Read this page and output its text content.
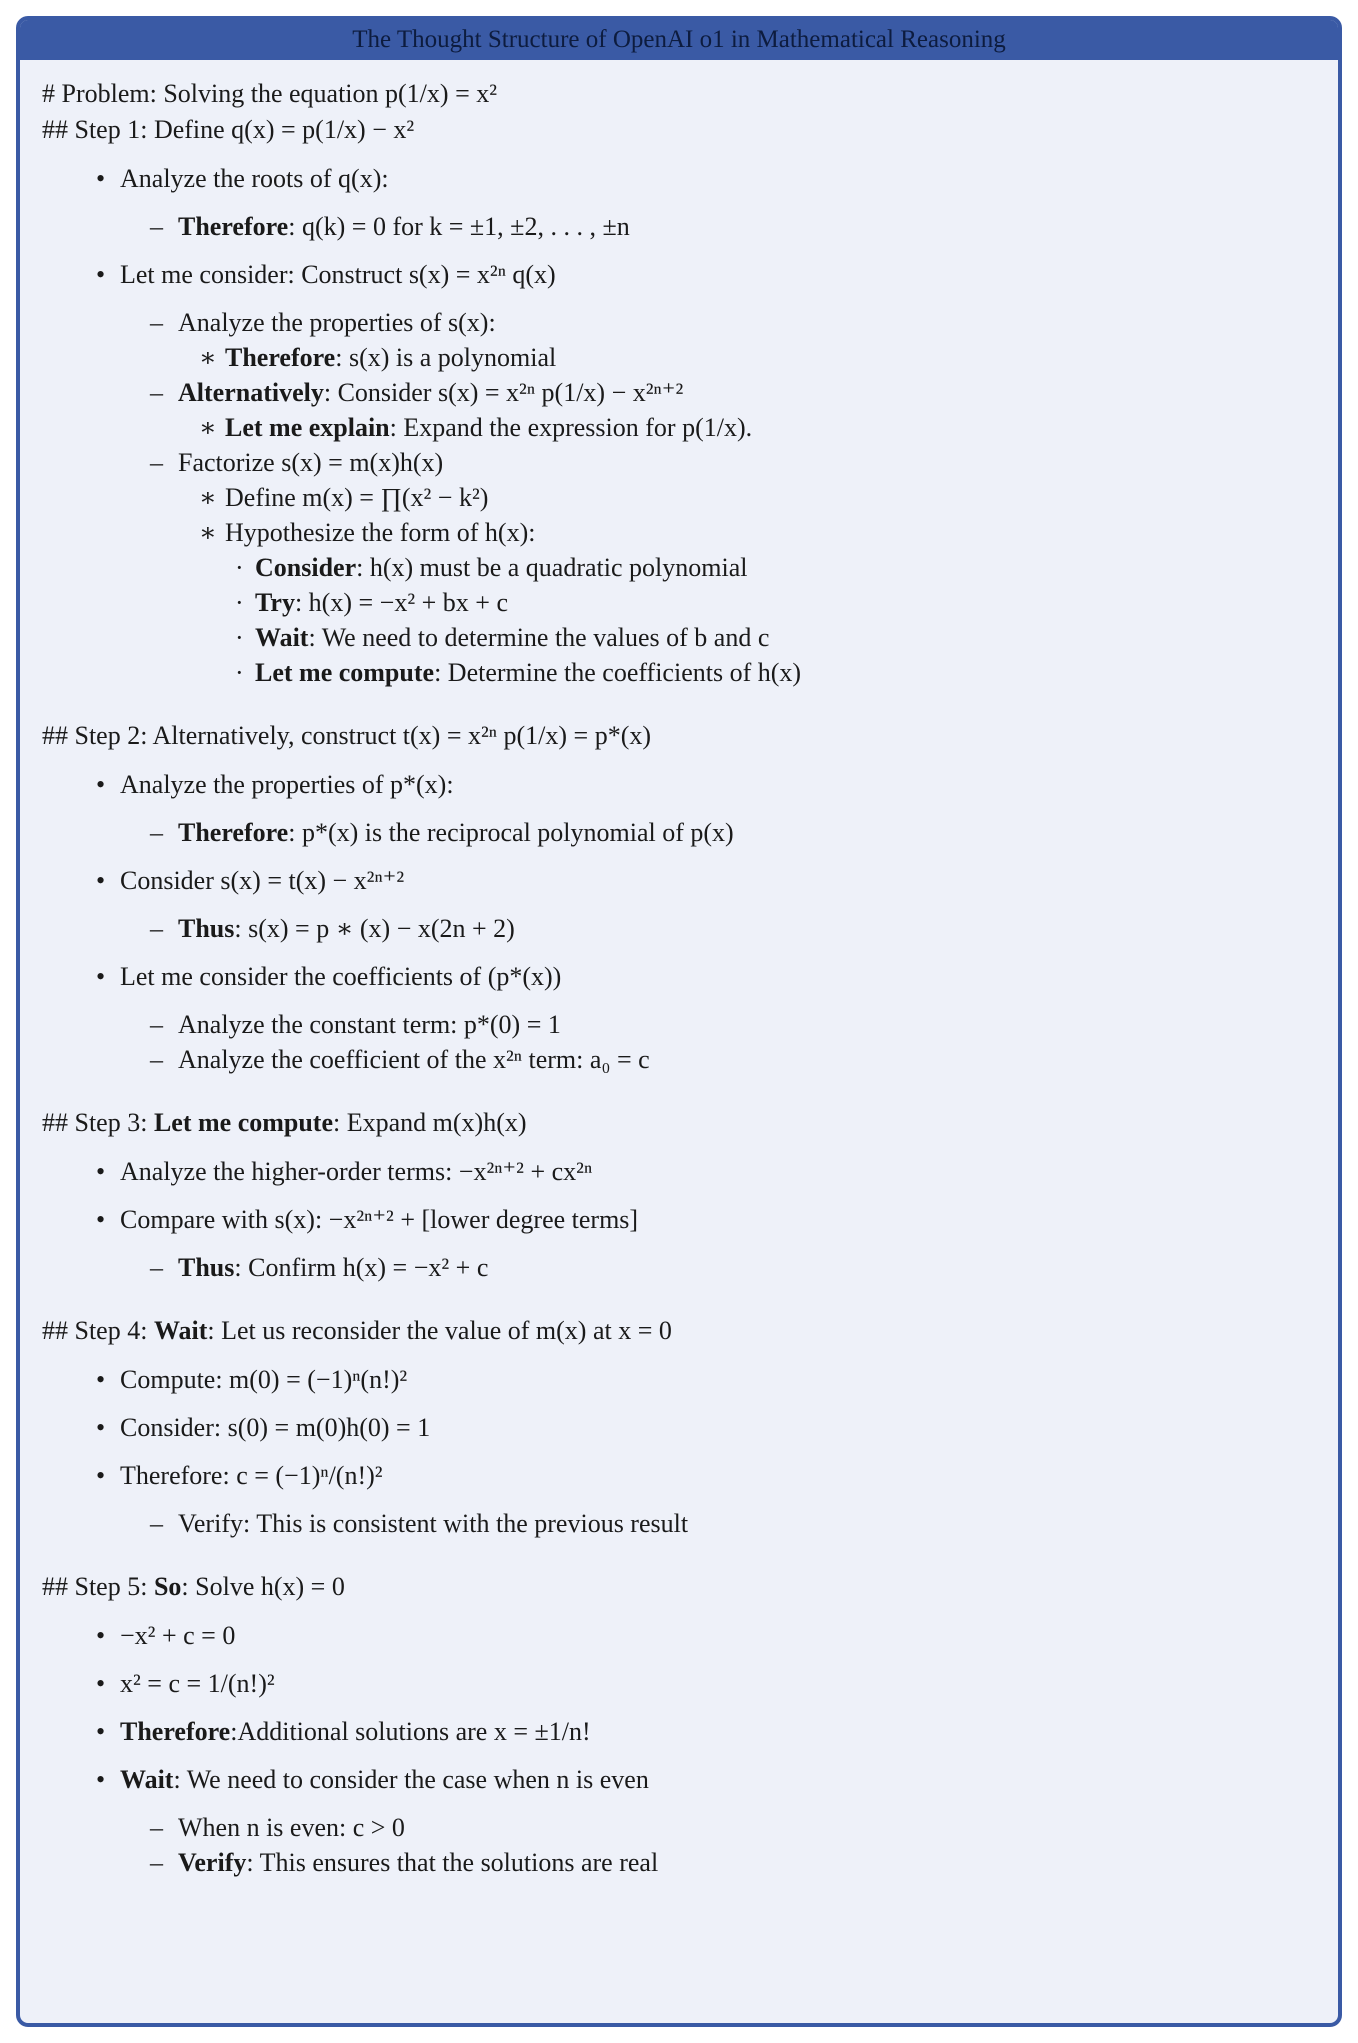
The Thought Structure of OpenAI o1 in Mathematical Reasoning
# Problem: Solving the equation p(1/x) = x²
## Step 1: Define q(x) = p(1/x) − x²
• Analyze the roots of q(x):
– Therefore: q(k) = 0 for k = ±1, ±2, . . . , ±n
• Let me consider: Construct s(x) = x²ⁿ q(x)
– Analyze the properties of s(x):
∗ Therefore: s(x) is a polynomial
– Alternatively: Consider s(x) = x²ⁿ p(1/x) − x²ⁿ⁺²
∗ Let me explain: Expand the expression for p(1/x).
– Factorize s(x) = m(x)h(x)
∗ Define m(x) = ∏(x² − k²)
∗ Hypothesize the form of h(x):
· Consider: h(x) must be a quadratic polynomial
· Try: h(x) = −x² + bx + c
· Wait: We need to determine the values of b and c
· Let me compute: Determine the coefficients of h(x)
## Step 2: Alternatively, construct t(x) = x²ⁿ p(1/x) = p*(x)
• Analyze the properties of p*(x):
– Therefore: p*(x) is the reciprocal polynomial of p(x)
• Consider s(x) = t(x) − x²ⁿ⁺²
– Thus: s(x) = p ∗ (x) − x(2n + 2)
• Let me consider the coefficients of (p*(x))
– Analyze the constant term: p*(0) = 1
– Analyze the coefficient of the x²ⁿ term: a₀ = c
## Step 3: Let me compute: Expand m(x)h(x)
• Analyze the higher-order terms: −x²ⁿ⁺² + cx²ⁿ
• Compare with s(x): −x²ⁿ⁺² + [lower degree terms]
– Thus: Confirm h(x) = −x² + c
## Step 4: Wait: Let us reconsider the value of m(x) at x = 0
• Compute: m(0) = (−1)ⁿ(n!)²
• Consider: s(0) = m(0)h(0) = 1
• Therefore: c = (−1)ⁿ/(n!)²
– Verify: This is consistent with the previous result
## Step 5: So: Solve h(x) = 0
• −x² + c = 0
• x² = c = 1/(n!)²
• Therefore:Additional solutions are x = ±1/n!
• Wait: We need to consider the case when n is even
– When n is even: c > 0
– Verify: This ensures that the solutions are real
